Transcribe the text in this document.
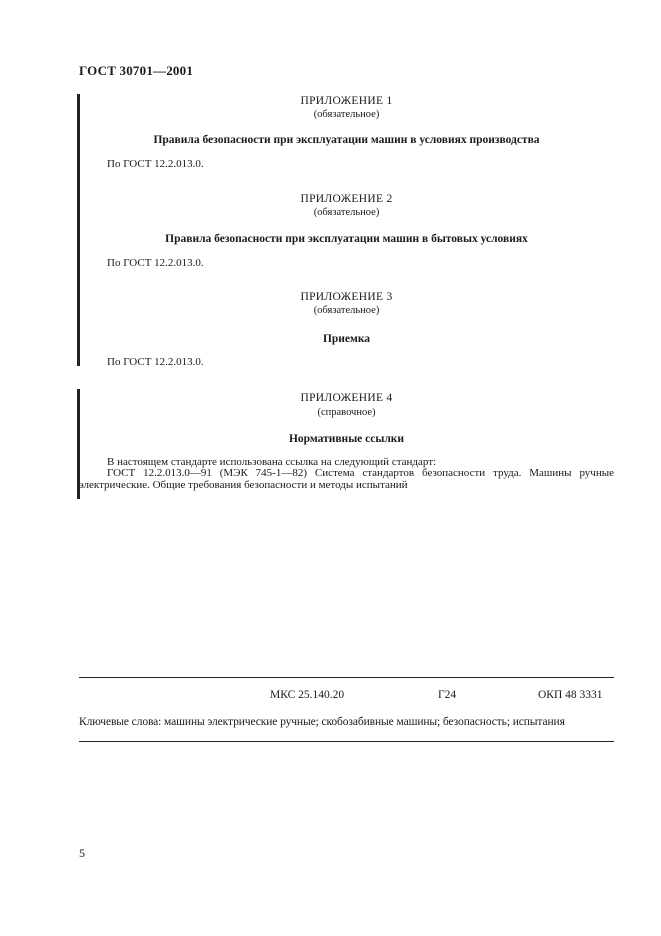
ГОСТ 30701—2001
ПРИЛОЖЕНИЕ 1
(обязательное)
Правила безопасности при эксплуатации машин в условиях производства
По ГОСТ 12.2.013.0.
ПРИЛОЖЕНИЕ 2
(обязательное)
Правила безопасности при эксплуатации машин в бытовых условиях
По ГОСТ 12.2.013.0.
ПРИЛОЖЕНИЕ 3
(обязательное)
Приемка
По ГОСТ 12.2.013.0.
ПРИЛОЖЕНИЕ 4
(справочное)
Нормативные ссылки
В настоящем стандарте использована ссылка на следующий стандарт:
ГОСТ 12.2.013.0—91 (МЭК 745-1—82) Система стандартов безопасности труда. Машины ручные электрические. Общие требования безопасности и методы испытаний
МКС 25.140.20	Г24	ОКП 48 3331
Ключевые слова: машины электрические ручные; скобозабивные машины; безопасность; испытания
5
